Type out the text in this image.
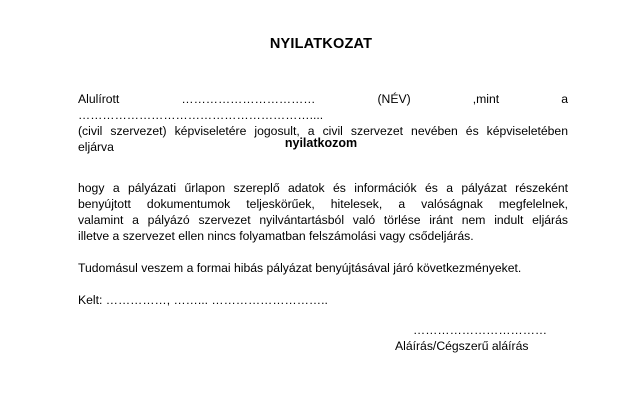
NYILATKOZAT
Alulírott …………………………… (NÉV) ,mint a …………………………………………………....
(civil szervezet) képviseletére jogosult, a civil szervezet nevében és képviseletében
eljárva	nyilatkozom
hogy a pályázati űrlapon szereplő adatok és információk és a pályázat részeként
benyújtott dokumentumok teljeskörűek, hitelesek, a valóságnak megfelelnek,
valamint a pályázó szervezet nyilvántartásból való törlése iránt nem indult eljárás
illetve a szervezet ellen nincs folyamatban felszámolási vagy csődeljárás.
Tudomásul veszem a formai hibás pályázat benyújtásával járó következményeket.
Kelt: ……………, ……... ………………………..
……………………………
Aláírás/Cégszerű aláírás
